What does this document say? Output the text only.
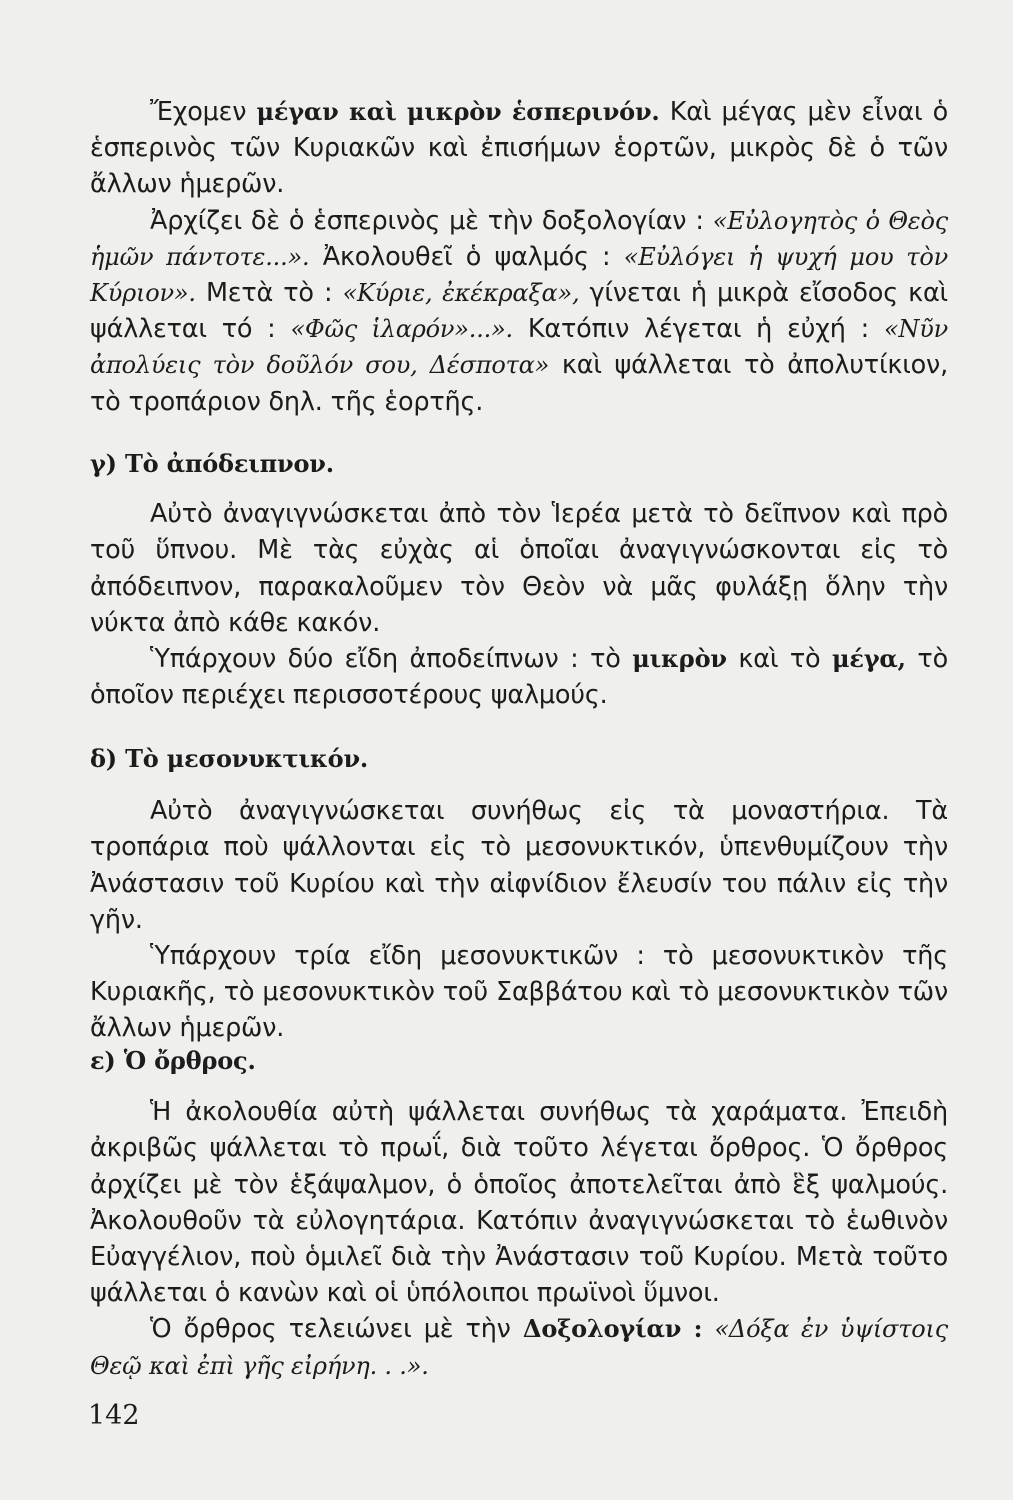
Ἔχομεν μέγαν καὶ μικρὸν ἑσπερινόν. Καὶ μέγας μὲν εἶναι ὁ ἑσπερινὸς τῶν Κυριακῶν καὶ ἐπισήμων ἑορτῶν, μικρὸς δὲ ὁ τῶν ἄλλων ἡμερῶν.

Ἀρχίζει δὲ ὁ ἑσπερινὸς μὲ τὴν δοξολογίαν : «Εὐλογητὸς ὁ Θεὸς ἡμῶν πάντοτε...». Ἀκολουθεῖ ὁ ψαλμός : «Εὐλόγει ἡ ψυχή μου τὸν Κύριον». Μετὰ τὸ : «Κύριε, ἐκέκραξα», γίνεται ἡ μικρὰ εἴσοδος καὶ ψάλλεται τό : «Φῶς ἱλαρόν»...». Κατόπιν λέγεται ἡ εὐχή : «Νῦν ἀπολύεις τὸν δοῦλόν σου, Δέσποτα» καὶ ψάλλεται τὸ ἀπολυτίκιον, τὸ τροπάριον δηλ. τῆς ἑορτῆς.

γ) Τὸ ἀπόδειπνον.

Αὐτὸ ἀναγιγνώσκεται ἀπὸ τὸν Ἱερέα μετὰ τὸ δεῖπνον καὶ πρὸ τοῦ ὕπνου. Μὲ τὰς εὐχὰς αἱ ὁποῖαι ἀναγιγνώσκονται εἰς τὸ ἀπόδειπνον, παρακαλοῦμεν τὸν Θεὸν νὰ μᾶς φυλάξῃ ὅλην τὴν νύκτα ἀπὸ κάθε κακόν.

Ὑπάρχουν δύο εἴδη ἀποδείπνων : τὸ μικρὸν καὶ τὸ μέγα, τὸ ὁποῖον περιέχει περισσοτέρους ψαλμούς.

δ) Τὸ μεσονυκτικόν.

Αὐτὸ ἀναγιγνώσκεται συνήθως εἰς τὰ μοναστήρια. Τὰ τροπάρια ποὺ ψάλλονται εἰς τὸ μεσονυκτικόν, ὑπενθυμίζουν τὴν Ἀνάστασιν τοῦ Κυρίου καὶ τὴν αἰφνίδιον ἔλευσίν του πάλιν εἰς τὴν γῆν.

Ὑπάρχουν τρία εἴδη μεσονυκτικῶν : τὸ μεσονυκτικὸν τῆς Κυριακῆς, τὸ μεσονυκτικὸν τοῦ Σαββάτου καὶ τὸ μεσονυκτικὸν τῶν ἄλλων ἡμερῶν.

ε) Ὁ ὄρθρος.

Ἡ ἀκολουθία αὐτὴ ψάλλεται συνήθως τὰ χαράματα. Ἐπειδὴ ἀκριβῶς ψάλλεται τὸ πρωΐ, διὰ τοῦτο λέγεται ὄρθρος. Ὁ ὄρθρος ἀρχίζει μὲ τὸν ἑξάψαλμον, ὁ ὁποῖος ἀποτελεῖται ἀπὸ ἓξ ψαλμούς. Ἀκολουθοῦν τὰ εὐλογητάρια. Κατόπιν ἀναγιγνώσκεται τὸ ἑωθινὸν Εὐαγγέλιον, ποὺ ὁμιλεῖ διὰ τὴν Ἀνάστασιν τοῦ Κυρίου. Μετὰ τοῦτο ψάλλεται ὁ κανὼν καὶ οἱ ὑπόλοιποι πρωϊνοὶ ὕμνοι.

Ὁ ὄρθρος τελειώνει μὲ τὴν Δοξολογίαν : «Δόξα ἐν ὑψίστοις Θεῷ καὶ ἐπὶ γῆς εἰρήνη. . .».

142
